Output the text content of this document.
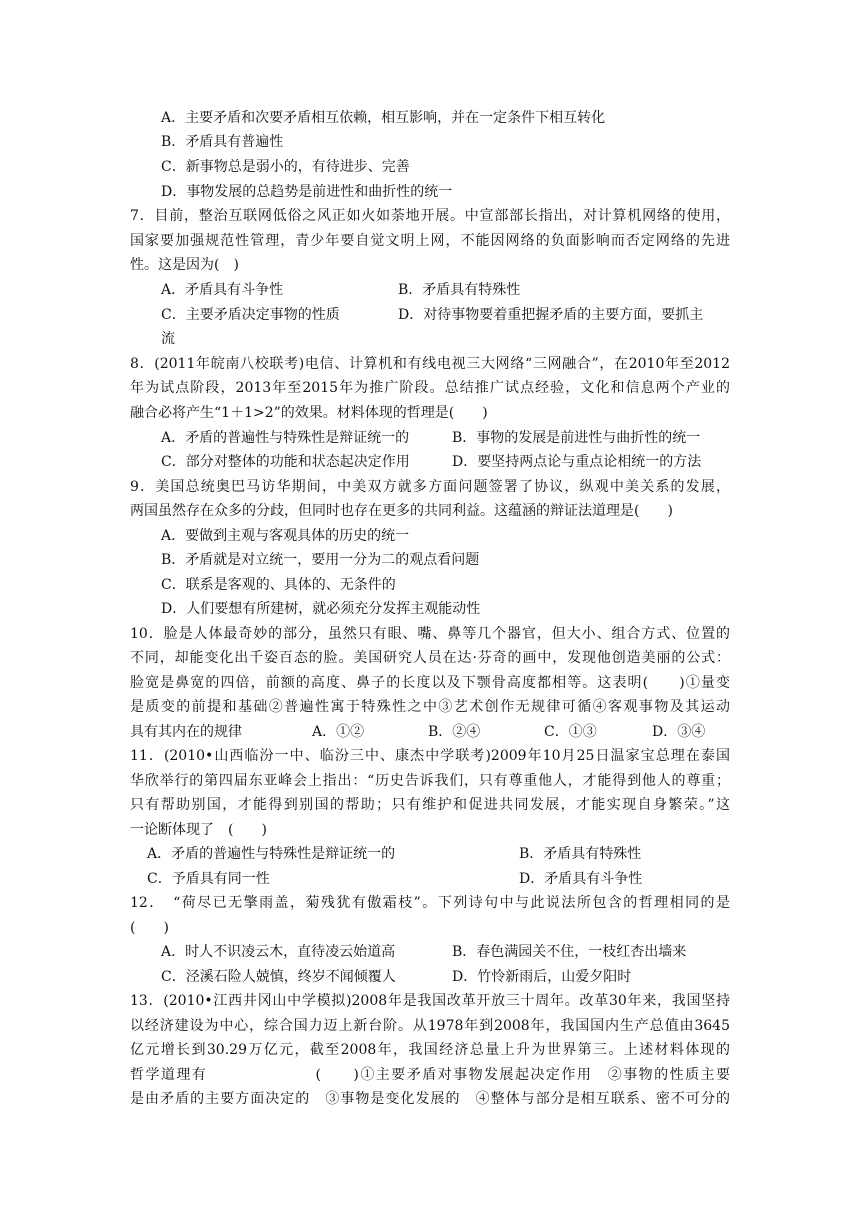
A．主要矛盾和次要矛盾相互依赖，相互影响，并在一定条件下相互转化
B．矛盾具有普遍性
C．新事物总是弱小的，有待进步、完善
D．事物发展的总趋势是前进性和曲折性的统一
7．目前，整治互联网低俗之风正如火如荼地开展。中宣部部长指出，对计算机网络的使用，
国家要加强规范性管理，青少年要自觉文明上网，不能因网络的负面影响而否定网络的先进
性。这是因为(　)
A．矛盾具有斗争性	B．矛盾具有特殊性
C．主要矛盾决定事物的性质	D．对待事物要着重把握矛盾的主要方面，要抓主
流
8．(2011年皖南八校联考)电信、计算机和有线电视三大网络“三网融合”，在2010年至2012
年为试点阶段，2013年至2015年为推广阶段。总结推广试点经验，文化和信息两个产业的
融合必将产生“1＋1>2”的效果。材料体现的哲理是(　　)
A．矛盾的普遍性与特殊性是辩证统一的	B．事物的发展是前进性与曲折性的统一
C．部分对整体的功能和状态起决定作用	D．要坚持两点论与重点论相统一的方法
9．美国总统奥巴马访华期间，中美双方就多方面问题签署了协议，纵观中美关系的发展，
两国虽然存在众多的分歧，但同时也存在更多的共同利益。这蕴涵的辩证法道理是(　　)
A．要做到主观与客观具体的历史的统一
B．矛盾就是对立统一，要用一分为二的观点看问题
C．联系是客观的、具体的、无条件的
D．人们要想有所建树，就必须充分发挥主观能动性
10．脸是人体最奇妙的部分，虽然只有眼、嘴、鼻等几个器官，但大小、组合方式、位置的
不同，却能变化出千姿百态的脸。美国研究人员在达·芬奇的画中，发现他创造美丽的公式：
脸宽是鼻宽的四倍，前额的高度、鼻子的长度以及下颚骨高度都相等。这表明(　　)①量变
是质变的前提和基础②普遍性寓于特殊性之中③艺术创作无规律可循④客观事物及其运动
具有其内在的规律	A．①②	B．②④	C．①③	D．③④
11．(2010•山西临汾一中、临汾三中、康杰中学联考)2009年10月25日温家宝总理在泰国
华欣举行的第四届东亚峰会上指出：“历史告诉我们，只有尊重他人，才能得到他人的尊重；
只有帮助别国，才能得到别国的帮助；只有维护和促进共同发展，才能实现自身繁荣。”这
一论断体现了　(　　)
A．矛盾的普遍性与特殊性是辩证统一的	B．矛盾具有特殊性
C．予盾具有同一性	D．矛盾具有斗争性
12．　“荷尽已无擎雨盖，菊残犹有傲霜枝”。下列诗句中与此说法所包含的哲理相同的是
(　　)
A．时人不识凌云木，直待凌云始道高	B．春色满园关不住，一枝红杏出墙来
C．泾溪石险人兢慎，终岁不闻倾覆人	D．竹怜新雨后，山爱夕阳时
13．(2010•江西井冈山中学模拟)2008年是我国改革开放三十周年。改革30年来，我国坚持
以经济建设为中心，综合国力迈上新台阶。从1978年到2008年，我国国内生产总值由3645
亿元增长到30.29万亿元，截至2008年，我国经济总量上升为世界第三。上述材料体现的
哲学道理有　　　　　　　(　　)①主要矛盾对事物发展起决定作用　②事物的性质主要
是由矛盾的主要方面决定的　③事物是变化发展的　④整体与部分是相互联系、密不可分的
